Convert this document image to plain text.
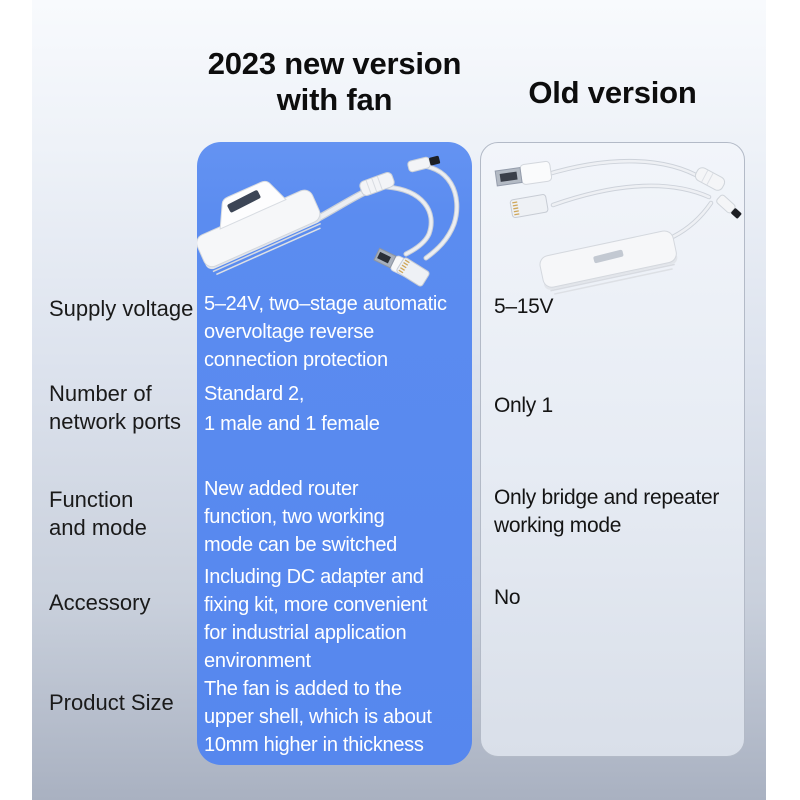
2023 new version
with fan	Old version
Supply voltage
Number of
network ports
Function
and mode
Accessory
Product Size
5–24V, two–stage automatic
overvoltage reverse
connection protection
Standard 2,
1 male and 1 female
New added router
function, two working
mode can be switched
Including DC adapter and
fixing kit, more convenient
for industrial application
environment
The fan is added to the
upper shell, which is about
10mm higher in thickness
5–15V
Only 1
Only bridge and repeater
working mode
No
